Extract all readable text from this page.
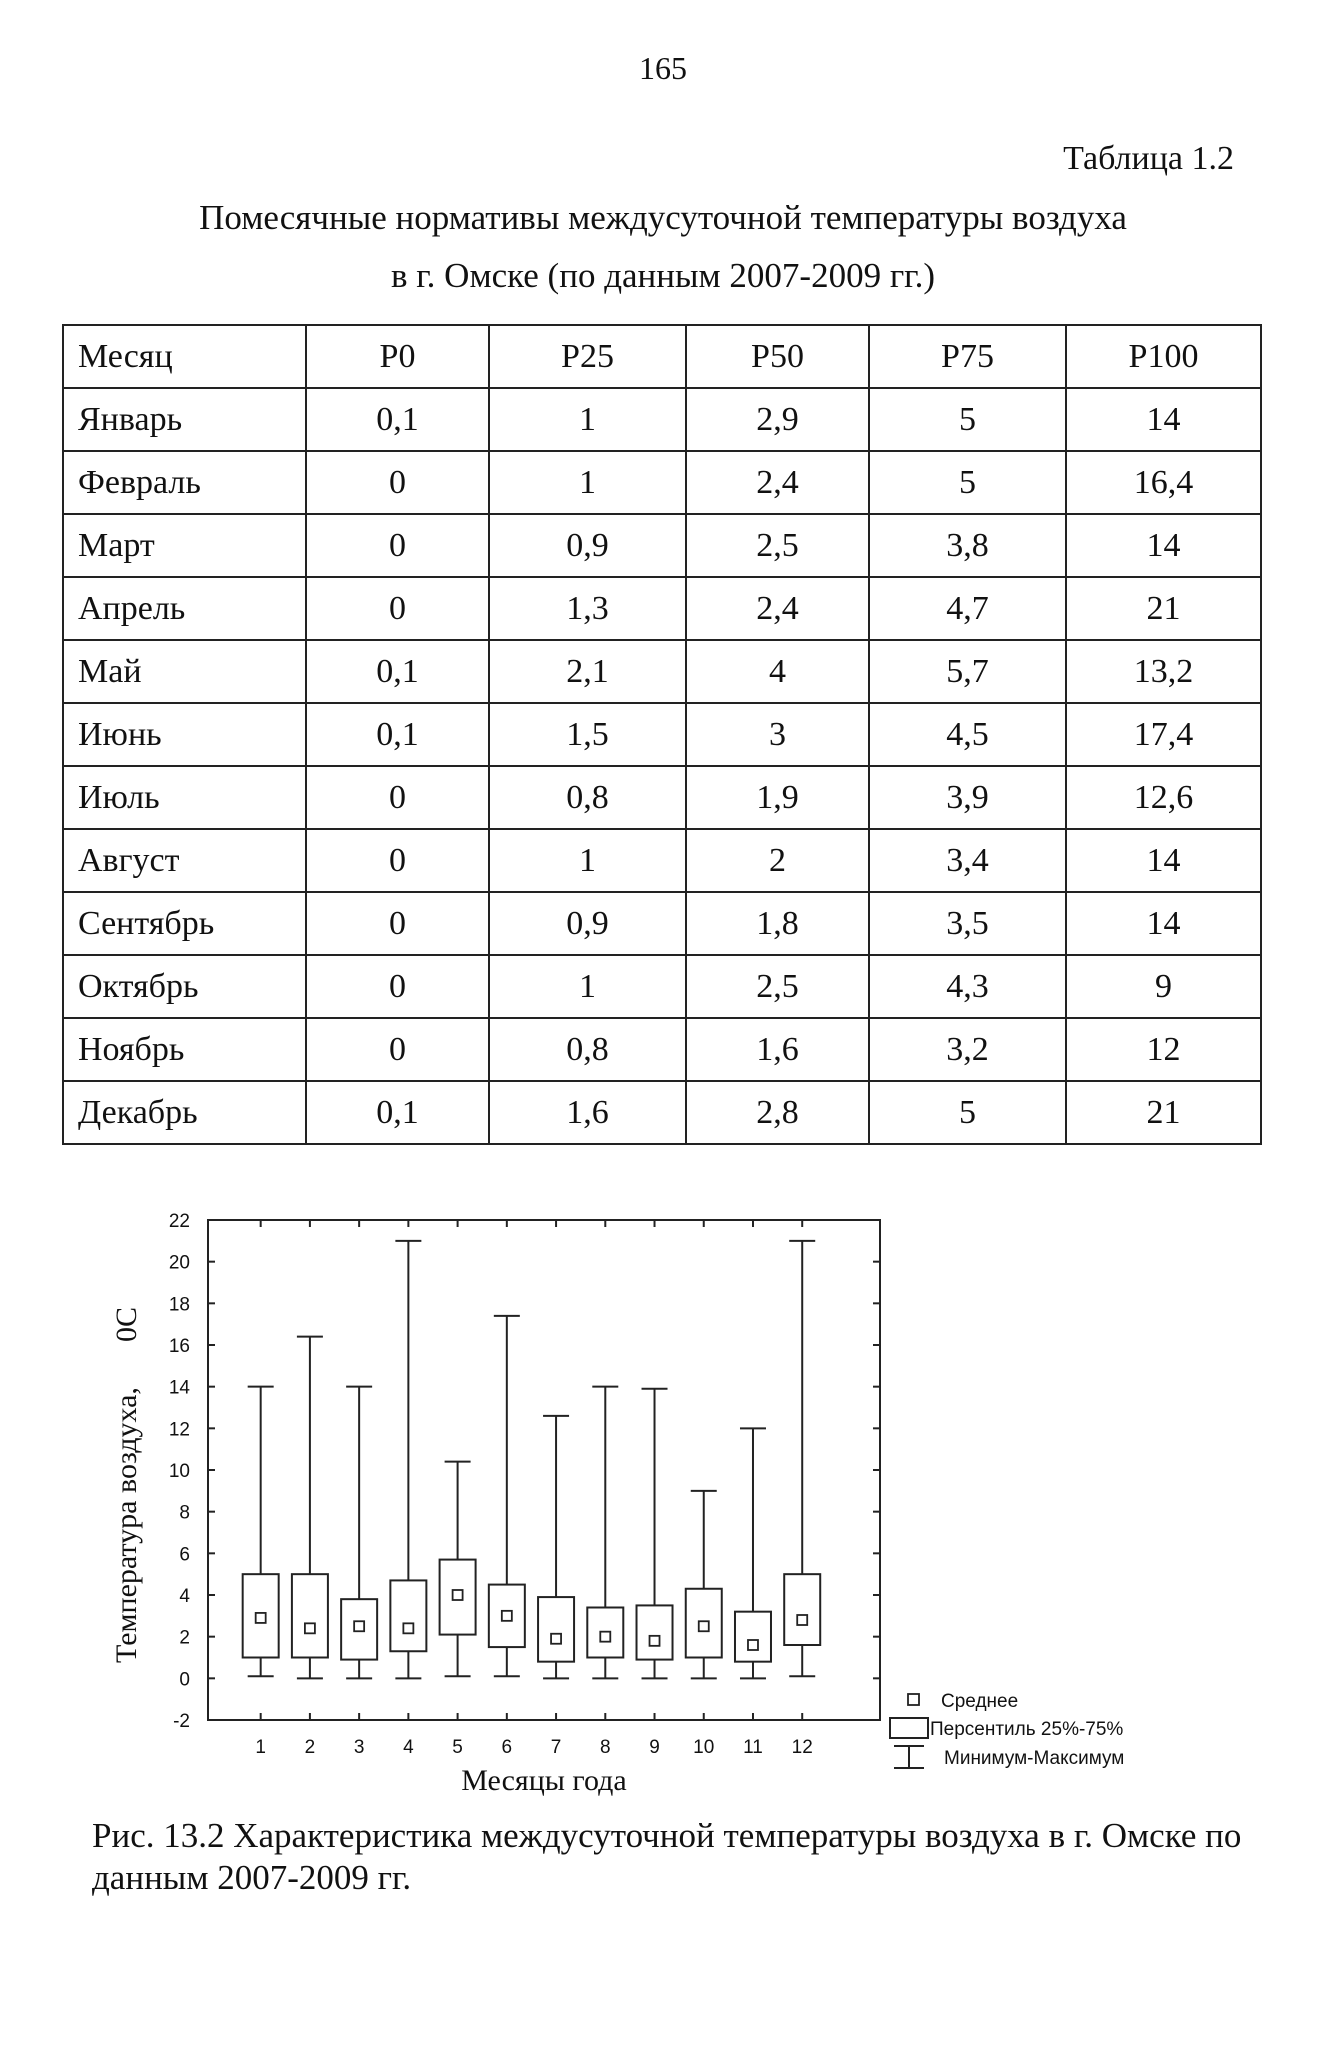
165
Таблица 1.2
Помесячные нормативы междусуточной температуры воздуха
в г. Омске (по данным 2007-2009 гг.)
Месяц	Р0	Р25	Р50	Р75	Р100
Январь	0,1	1	2,9	5	14
Февраль	0	1	2,4	5	16,4
Март	0	0,9	2,5	3,8	14
Апрель	0	1,3	2,4	4,7	21
Май	0,1	2,1	4	5,7	13,2
Июнь	0,1	1,5	3	4,5	17,4
Июль	0	0,8	1,9	3,9	12,6
Август	0	1	2	3,4	14
Сентябрь	0	0,9	1,8	3,5	14
Октябрь	0	1	2,5	4,3	9
Ноябрь	0	0,8	1,6	3,2	12
Декабрь	0,1	1,6	2,8	5	21
-2
0
2
4
6
8
10
12
14
16
18
20
22
1 2 3 4 5 6 7 8 9 10 11 12
Месяцы года
Температура воздуха,
0C
Среднее
Персентиль 25%-75%
Минимум-Максимум
Рис. 13.2 Характеристика междусуточной температуры воздуха в г. Омске по данным 2007-2009 гг.
